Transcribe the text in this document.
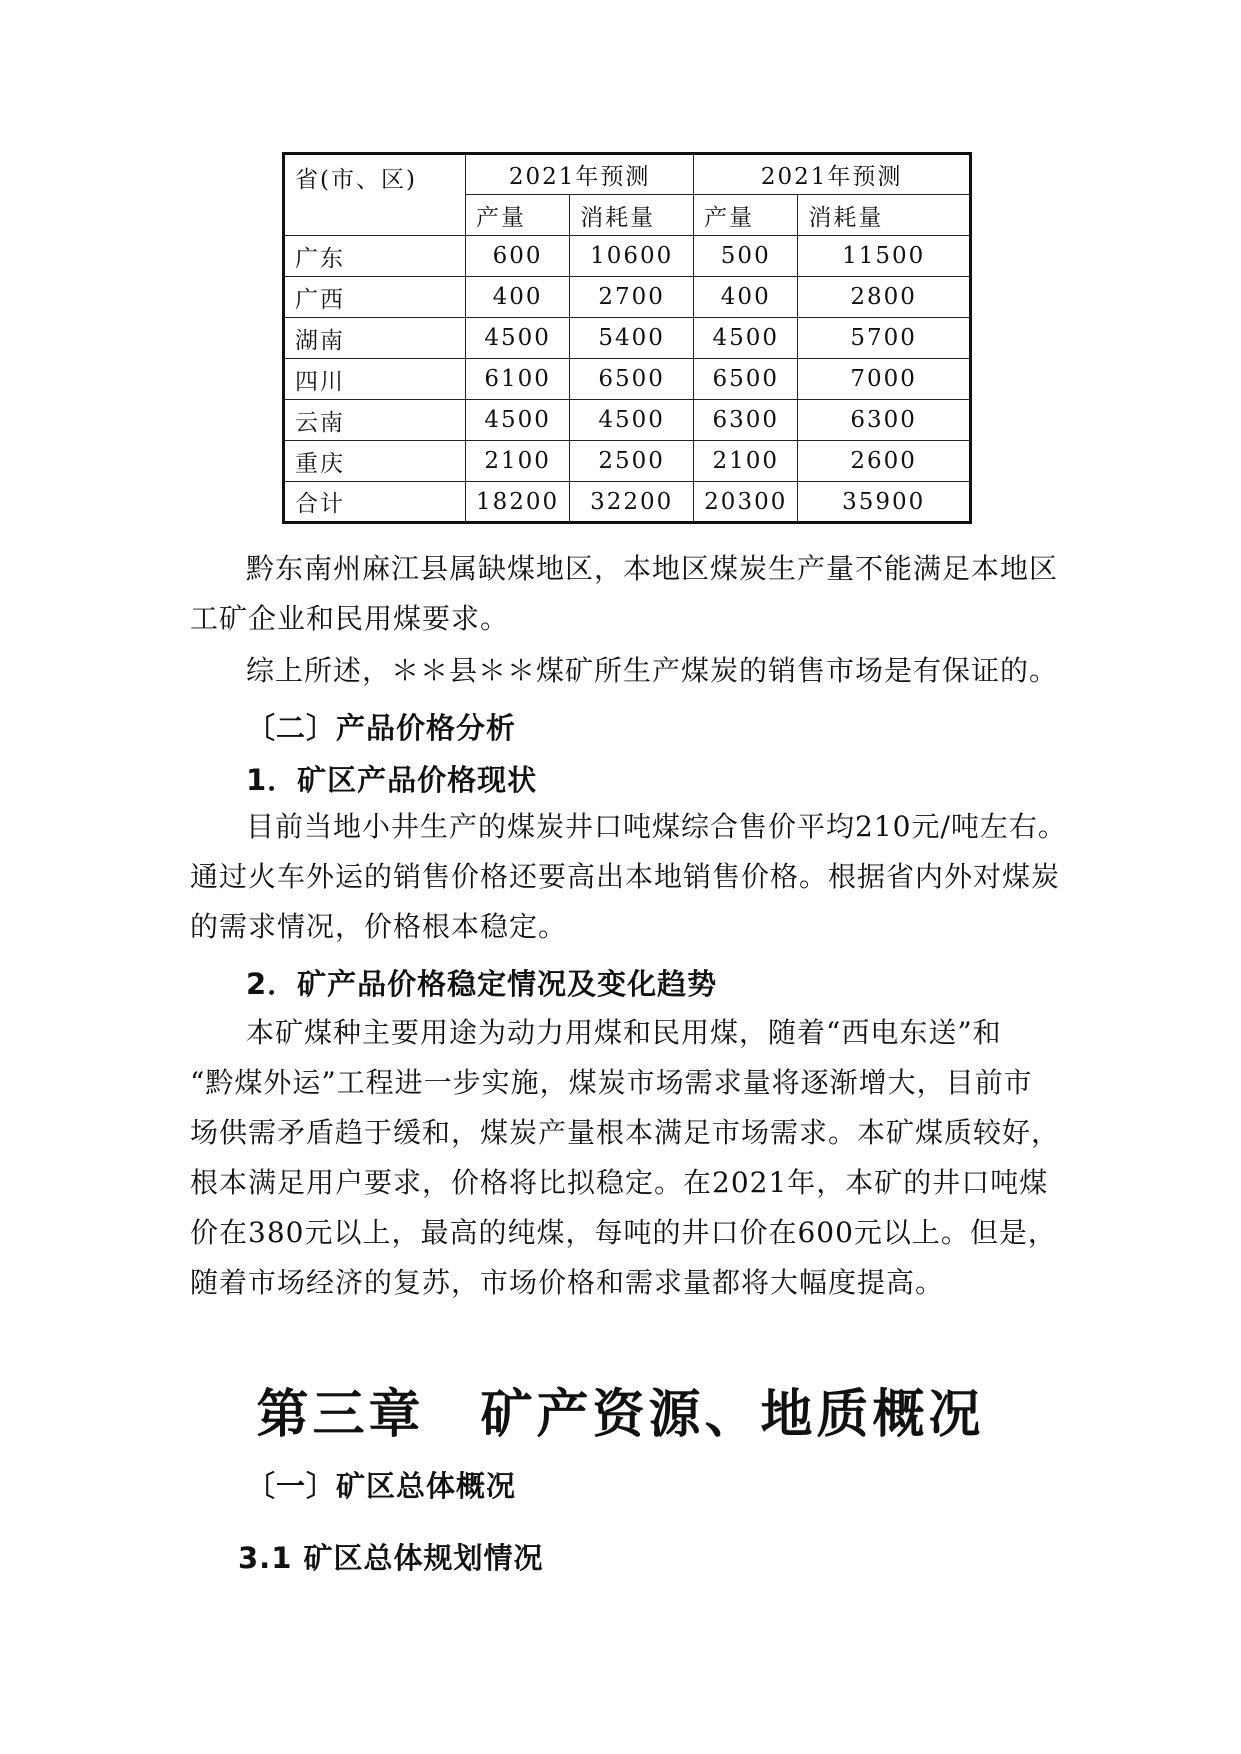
省(市、区)	2021年预测		2021年预测	
	产量	消耗量	产量	消耗量
广东	600	10600	500	11500
广西	400	2700	400	2800
湖南	4500	5400	4500	5700
四川	6100	6500	6500	7000
云南	4500	4500	6300	6300
重庆	2100	2500	2100	2600
合计	18200	32200	20300	35900

黔东南州麻江县属缺煤地区，本地区煤炭生产量不能满足本地区
工矿企业和民用煤要求。

综上所述，＊＊县＊＊煤矿所生产煤炭的销售市场是有保证的。

〔二〕产品价格分析
1．矿区产品价格现状

目前当地小井生产的煤炭井口吨煤综合售价平均210元/吨左右。
通过火车外运的销售价格还要高出本地销售价格。根据省内外对煤炭
的需求情况，价格根本稳定。

2．矿产品价格稳定情况及变化趋势

本矿煤种主要用途为动力用煤和民用煤，随着“西电东送”和
“黔煤外运”工程进一步实施，煤炭市场需求量将逐渐增大，目前市
场供需矛盾趋于缓和，煤炭产量根本满足市场需求。本矿煤质较好，
根本满足用户要求，价格将比拟稳定。在2021年，本矿的井口吨煤
价在380元以上，最高的纯煤，每吨的井口价在600元以上。但是，
随着市场经济的复苏，市场价格和需求量都将大幅度提高。

第三章　矿产资源、地质概况
〔一〕矿区总体概况
3.1 矿区总体规划情况
